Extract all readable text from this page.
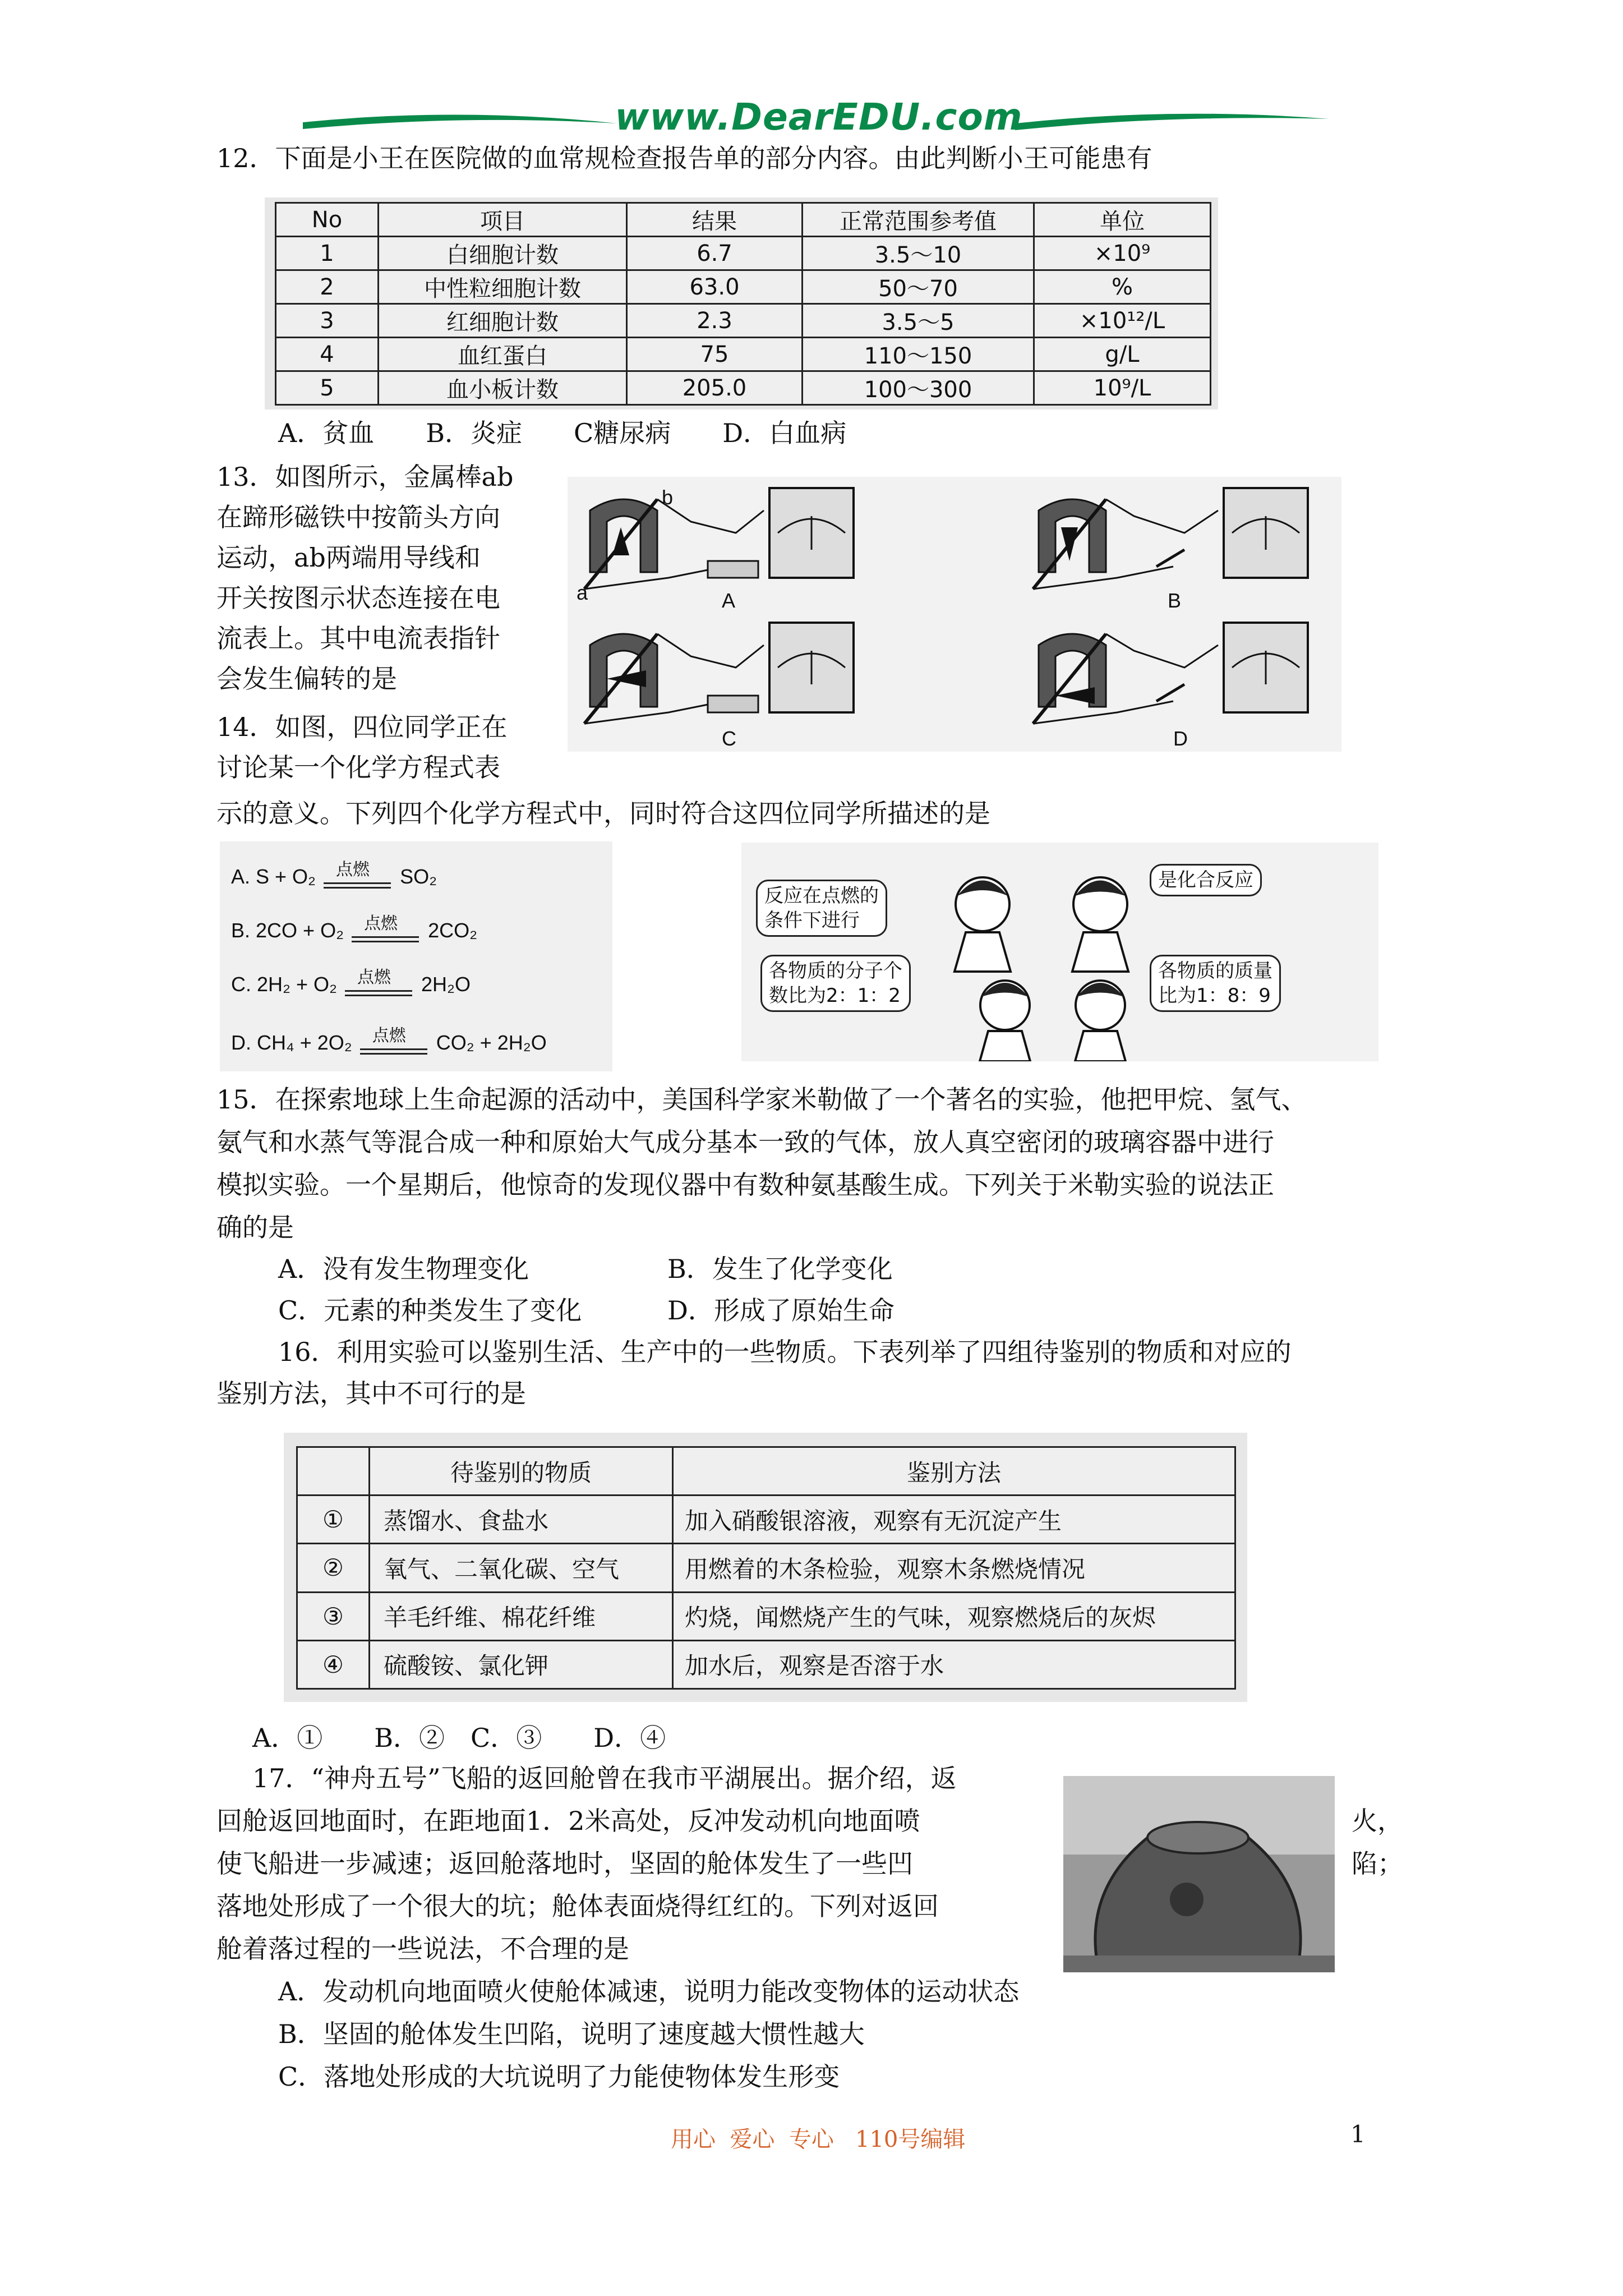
www.DearEDU.com
12．下面是小王在医院做的血常规检查报告单的部分内容。由此判断小王可能患有
No	项目	结果	正常范围参考值	单位
1	白细胞计数	6.7	3.5～10	×10⁹
2	中性粒细胞计数	63.0	50～70	%
3	红细胞计数	2.3	3.5～5	×10¹²/L
4	血红蛋白	75	110～150	g/L
5	血小板计数	205.0	100～300	10⁹/L
A．贫血　　B．炎症　　C糖尿病　　D．白血病
13．如图所示，金属棒ab
在蹄形磁铁中按箭头方向
运动，ab两端用导线和
开关按图示状态连接在电
流表上。其中电流表指针
会发生偏转的是
a
b
A	B
C	D
14．如图，四位同学正在
讨论某一个化学方程式表
示的意义。下列四个化学方程式中，同时符合这四位同学所描述的是
A. S + O₂ 点燃 SO₂
B. 2CO + O₂ 点燃 2CO₂
C. 2H₂ + O₂ 点燃 2H₂O
D. CH₄ + 2O₂ 点燃 CO₂ + 2H₂O
反应在点燃的
条件下进行
是化合反应
各物质的分子个
数比为2：1：2
各物质的质量
比为1：8：9
15．在探索地球上生命起源的活动中，美国科学家米勒做了一个著名的实验，他把甲烷、氢气、
氨气和水蒸气等混合成一种和原始大气成分基本一致的气体，放人真空密闭的玻璃容器中进行
模拟实验。一个星期后，他惊奇的发现仪器中有数种氨基酸生成。下列关于米勒实验的说法正
确的是
A．没有发生物理变化	B．发生了化学变化
C．元素的种类发生了变化	D．形成了原始生命
16．利用实验可以鉴别生活、生产中的一些物质。下表列举了四组待鉴别的物质和对应的
鉴别方法，其中不可行的是
	待鉴别的物质	鉴别方法
①	蒸馏水、食盐水	加入硝酸银溶液，观察有无沉淀产生
②	氧气、二氧化碳、空气	用燃着的木条检验，观察木条燃烧情况
③	羊毛纤维、棉花纤维	灼烧，闻燃烧产生的气味，观察燃烧后的灰烬
④	硫酸铵、氯化钾	加水后，观察是否溶于水
A．①　　B．②　C．③　　D．④
17．“神舟五号”飞船的返回舱曾在我市平湖展出。据介绍，返
回舱返回地面时，在距地面1．2米高处，反冲发动机向地面喷	火，
使飞船进一步减速；返回舱落地时，坚固的舱体发生了一些凹	陷；
落地处形成了一个很大的坑；舱体表面烧得红红的。下列对返回
舱着落过程的一些说法，不合理的是
A．发动机向地面喷火使舱体减速，说明力能改变物体的运动状态
B．坚固的舱体发生凹陷，说明了速度越大惯性越大
C．落地处形成的大坑说明了力能使物体发生形变
用心  爱心  专心   110号编辑	1
